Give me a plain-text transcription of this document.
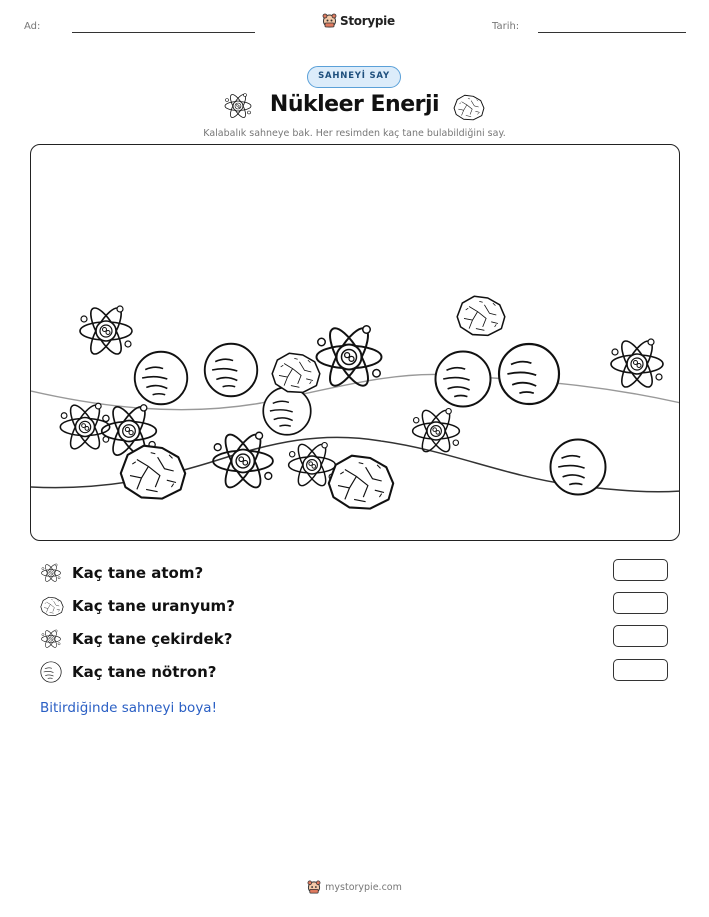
Ad:	Storypie	Tarih:
SAHNEYİ SAY
Nükleer Enerji
Kalabalık sahneye bak. Her resimden kaç tane bulabildiğini say.
Kaç tane atom?
Kaç tane uranyum?
Kaç tane çekirdek?
Kaç tane nötron?
Bitirdiğinde sahneyi boya!
mystorypie.com
